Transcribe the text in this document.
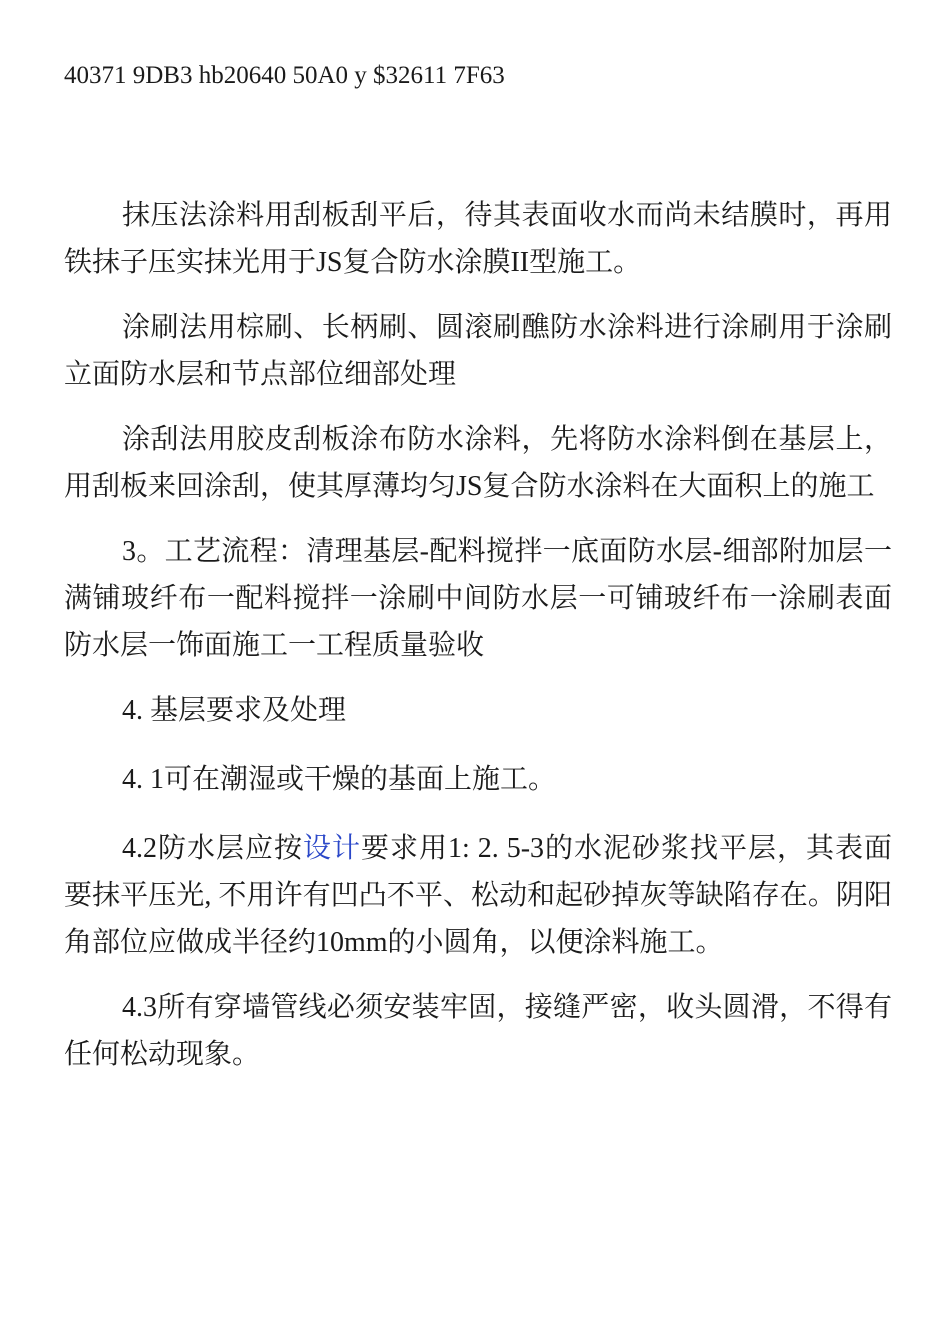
40371 9DB3 hb20640 50A0 y $32611 7F63

抹压法涂料用刮板刮平后，待其表面收水而尚未结膜时，再用铁抹子压实抹光用于JS复合防水涂膜II型施工。

涂刷法用棕刷、长柄刷、圆滚刷醮防水涂料进行涂刷用于涂刷立面防水层和节点部位细部处理

涂刮法用胶皮刮板涂布防水涂料，先将防水涂料倒在基层上，用刮板来回涂刮，使其厚薄均匀JS复合防水涂料在大面积上的施工

3。工艺流程：清理基层-配料搅拌一底面防水层-细部附加层一满铺玻纤布一配料搅拌一涂刷中间防水层一可铺玻纤布一涂刷表面防水层一饰面施工一工程质量验收

4. 基层要求及处理

4. 1可在潮湿或干燥的基面上施工。

4.2防水层应按设计要求用1: 2. 5-3的水泥砂浆找平层，其表面要抹平压光, 不用许有凹凸不平、松动和起砂掉灰等缺陷存在。阴阳角部位应做成半径约10mm的小圆角，以便涂料施工。

4.3所有穿墙管线必须安装牢固，接缝严密，收头圆滑，不得有任何松动现象。
